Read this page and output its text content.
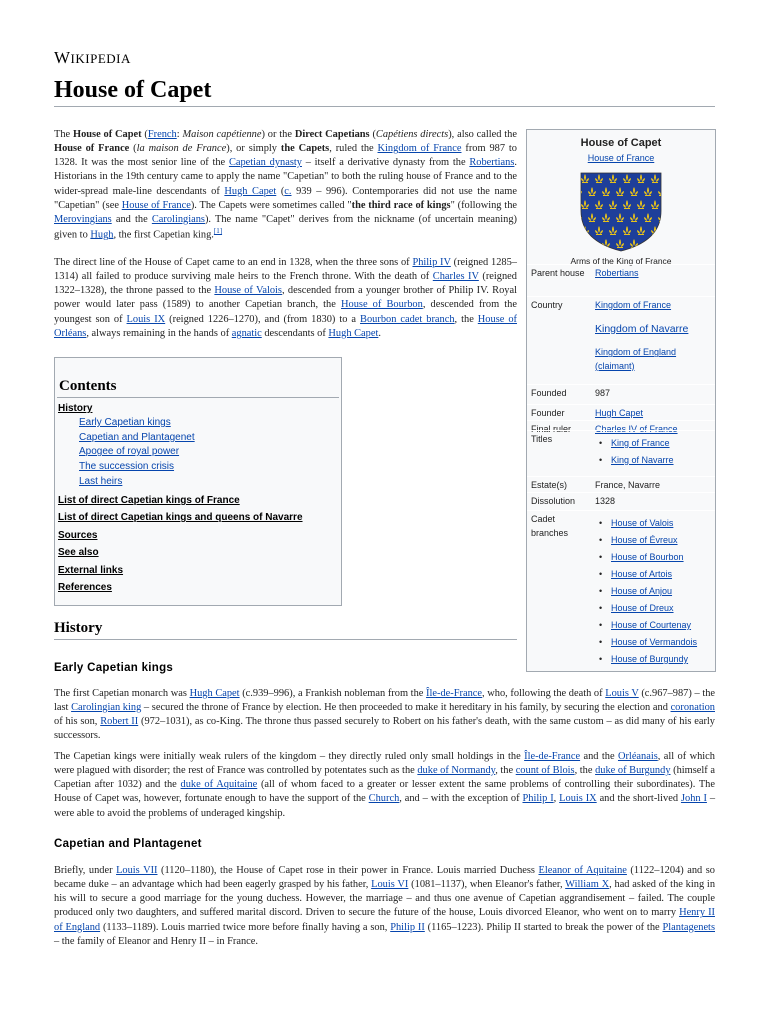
WIKIPEDIA
House of Capet

The House of Capet (French: Maison capétienne) or the Direct Capetians (Capétiens directs), also called the House of France (la maison de France), or simply the Capets, ruled the Kingdom of France from 987 to 1328. It was the most senior line of the Capetian dynasty – itself a derivative dynasty from the Robertians. Historians in the 19th century came to apply the name "Capetian" to both the ruling house of France and to the wider-spread male-line descendants of Hugh Capet (c. 939 – 996). Contemporaries did not use the name "Capetian" (see House of France). The Capets were sometimes called "the third race of kings" (following the Merovingians and the Carolingians). The name "Capet" derives from the nickname (of uncertain meaning) given to Hugh, the first Capetian king.[1]

The direct line of the House of Capet came to an end in 1328, when the three sons of Philip IV (reigned 1285–1314) all failed to produce surviving male heirs to the French throne. With the death of Charles IV (reigned 1322–1328), the throne passed to the House of Valois, descended from a younger brother of Philip IV. Royal power would later pass (1589) to another Capetian branch, the House of Bourbon, descended from the youngest son of Louis IX (reigned 1226–1270), and (from 1830) to a Bourbon cadet branch, the House of Orléans, always remaining in the hands of agnatic descendants of Hugh Capet.

House of Capet
House of France
Arms of the King of France
Parent house	Robertians
Country	Kingdom of France
Kingdom of Navarre
Kingdom of England (claimant)
Founded	987
Founder	Hugh Capet
Final ruler	Charles IV of France
Titles
•	King of France
• King of Navarre
Estate(s)	France, Navarre
Dissolution	1328
Cadet branches
• House of Valois
• House of Évreux
• House of Bourbon
• House of Artois
• House of Anjou
• House of Dreux
• House of Courtenay
• House of Vermandois
• House of Burgundy
Contents
History
Early Capetian kings
Capetian and Plantagenet
Apogee of royal power
The succession crisis
Last heirs
List of direct Capetian kings of France
List of direct Capetian kings and queens of Navarre
Sources
See also
External links
References
History
Early Capetian kings

The first Capetian monarch was Hugh Capet (c.939–996), a Frankish nobleman from the Île-de-France, who, following the death of Louis V (c.967–987) – the last Carolingian king – secured the throne of France by election. He then proceeded to make it hereditary in his family, by securing the election and coronation of his son, Robert II (972–1031), as co-King. The throne thus passed securely to Robert on his father's death, with the same custom – as did many of his early successors.

The Capetian kings were initially weak rulers of the kingdom – they directly ruled only small holdings in the Île-de-France and the Orléanais, all of which were plagued with disorder; the rest of France was controlled by potentates such as the duke of Normandy, the count of Blois, the duke of Burgundy (himself a Capetian after 1032) and the duke of Aquitaine (all of whom faced to a greater or lesser extent the same problems of controlling their subordinates). The House of Capet was, however, fortunate enough to have the support of the Church, and – with the exception of Philip I, Louis IX and the short-lived John I – were able to avoid the problems of underaged kingship.

Capetian and Plantagenet

Briefly, under Louis VII (1120–1180), the House of Capet rose in their power in France. Louis married Duchess Eleanor of Aquitaine (1122–1204) and so became duke – an advantage which had been eagerly grasped by his father, Louis VI (1081–1137), when Eleanor's father, William X, had asked of the king in his will to secure a good marriage for the young duchess. However, the marriage – and thus one avenue of Capetian aggrandisement – failed. The couple produced only two daughters, and suffered marital discord. Driven to secure the future of the house, Louis divorced Eleanor, who went on to marry Henry II of England (1133–1189). Louis married twice more before finally having a son, Philip II (1165–1223). Philip II started to break the power of the Plantagenets – the family of Eleanor and Henry II – in France.
